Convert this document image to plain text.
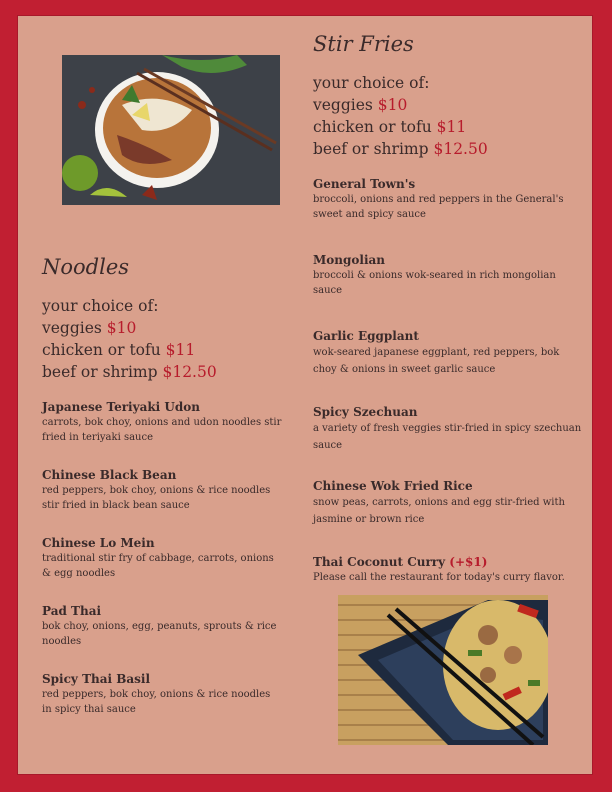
Stir Fries

your choice of:

veggies $10

chicken or tofu $11

beef or shrimp $12.50

General Town's

broccoli, onions and red peppers in the General's sweet and spicy sauce

Mongolian

broccoli & onions wok-seared in rich mongolian sauce

Garlic Eggplant

wok-seared japanese eggplant, red peppers, bok choy & onions in sweet garlic sauce

Spicy Szechuan

a variety of fresh veggies stir-fried in spicy szechuan sauce

Chinese Wok Fried Rice

snow peas, carrots, onions and egg stir-fried with jasmine or brown rice

Thai Coconut Curry (+$1)

Please call the restaurant for today's curry flavor.

Noodles

your choice of:

veggies $10

chicken or tofu $11

beef or shrimp $12.50

Japanese Teriyaki Udon

carrots, bok choy, onions and udon noodles stir fried in teriyaki sauce

Chinese Black Bean

red peppers, bok choy, onions & rice noodles stir fried in black bean sauce

Chinese Lo Mein

traditional stir fry of cabbage, carrots, onions & egg noodles

Pad Thai

bok choy, onions, egg, peanuts, sprouts & rice noodles

Spicy Thai Basil

red peppers, bok choy, onions & rice noodles in spicy thai sauce
